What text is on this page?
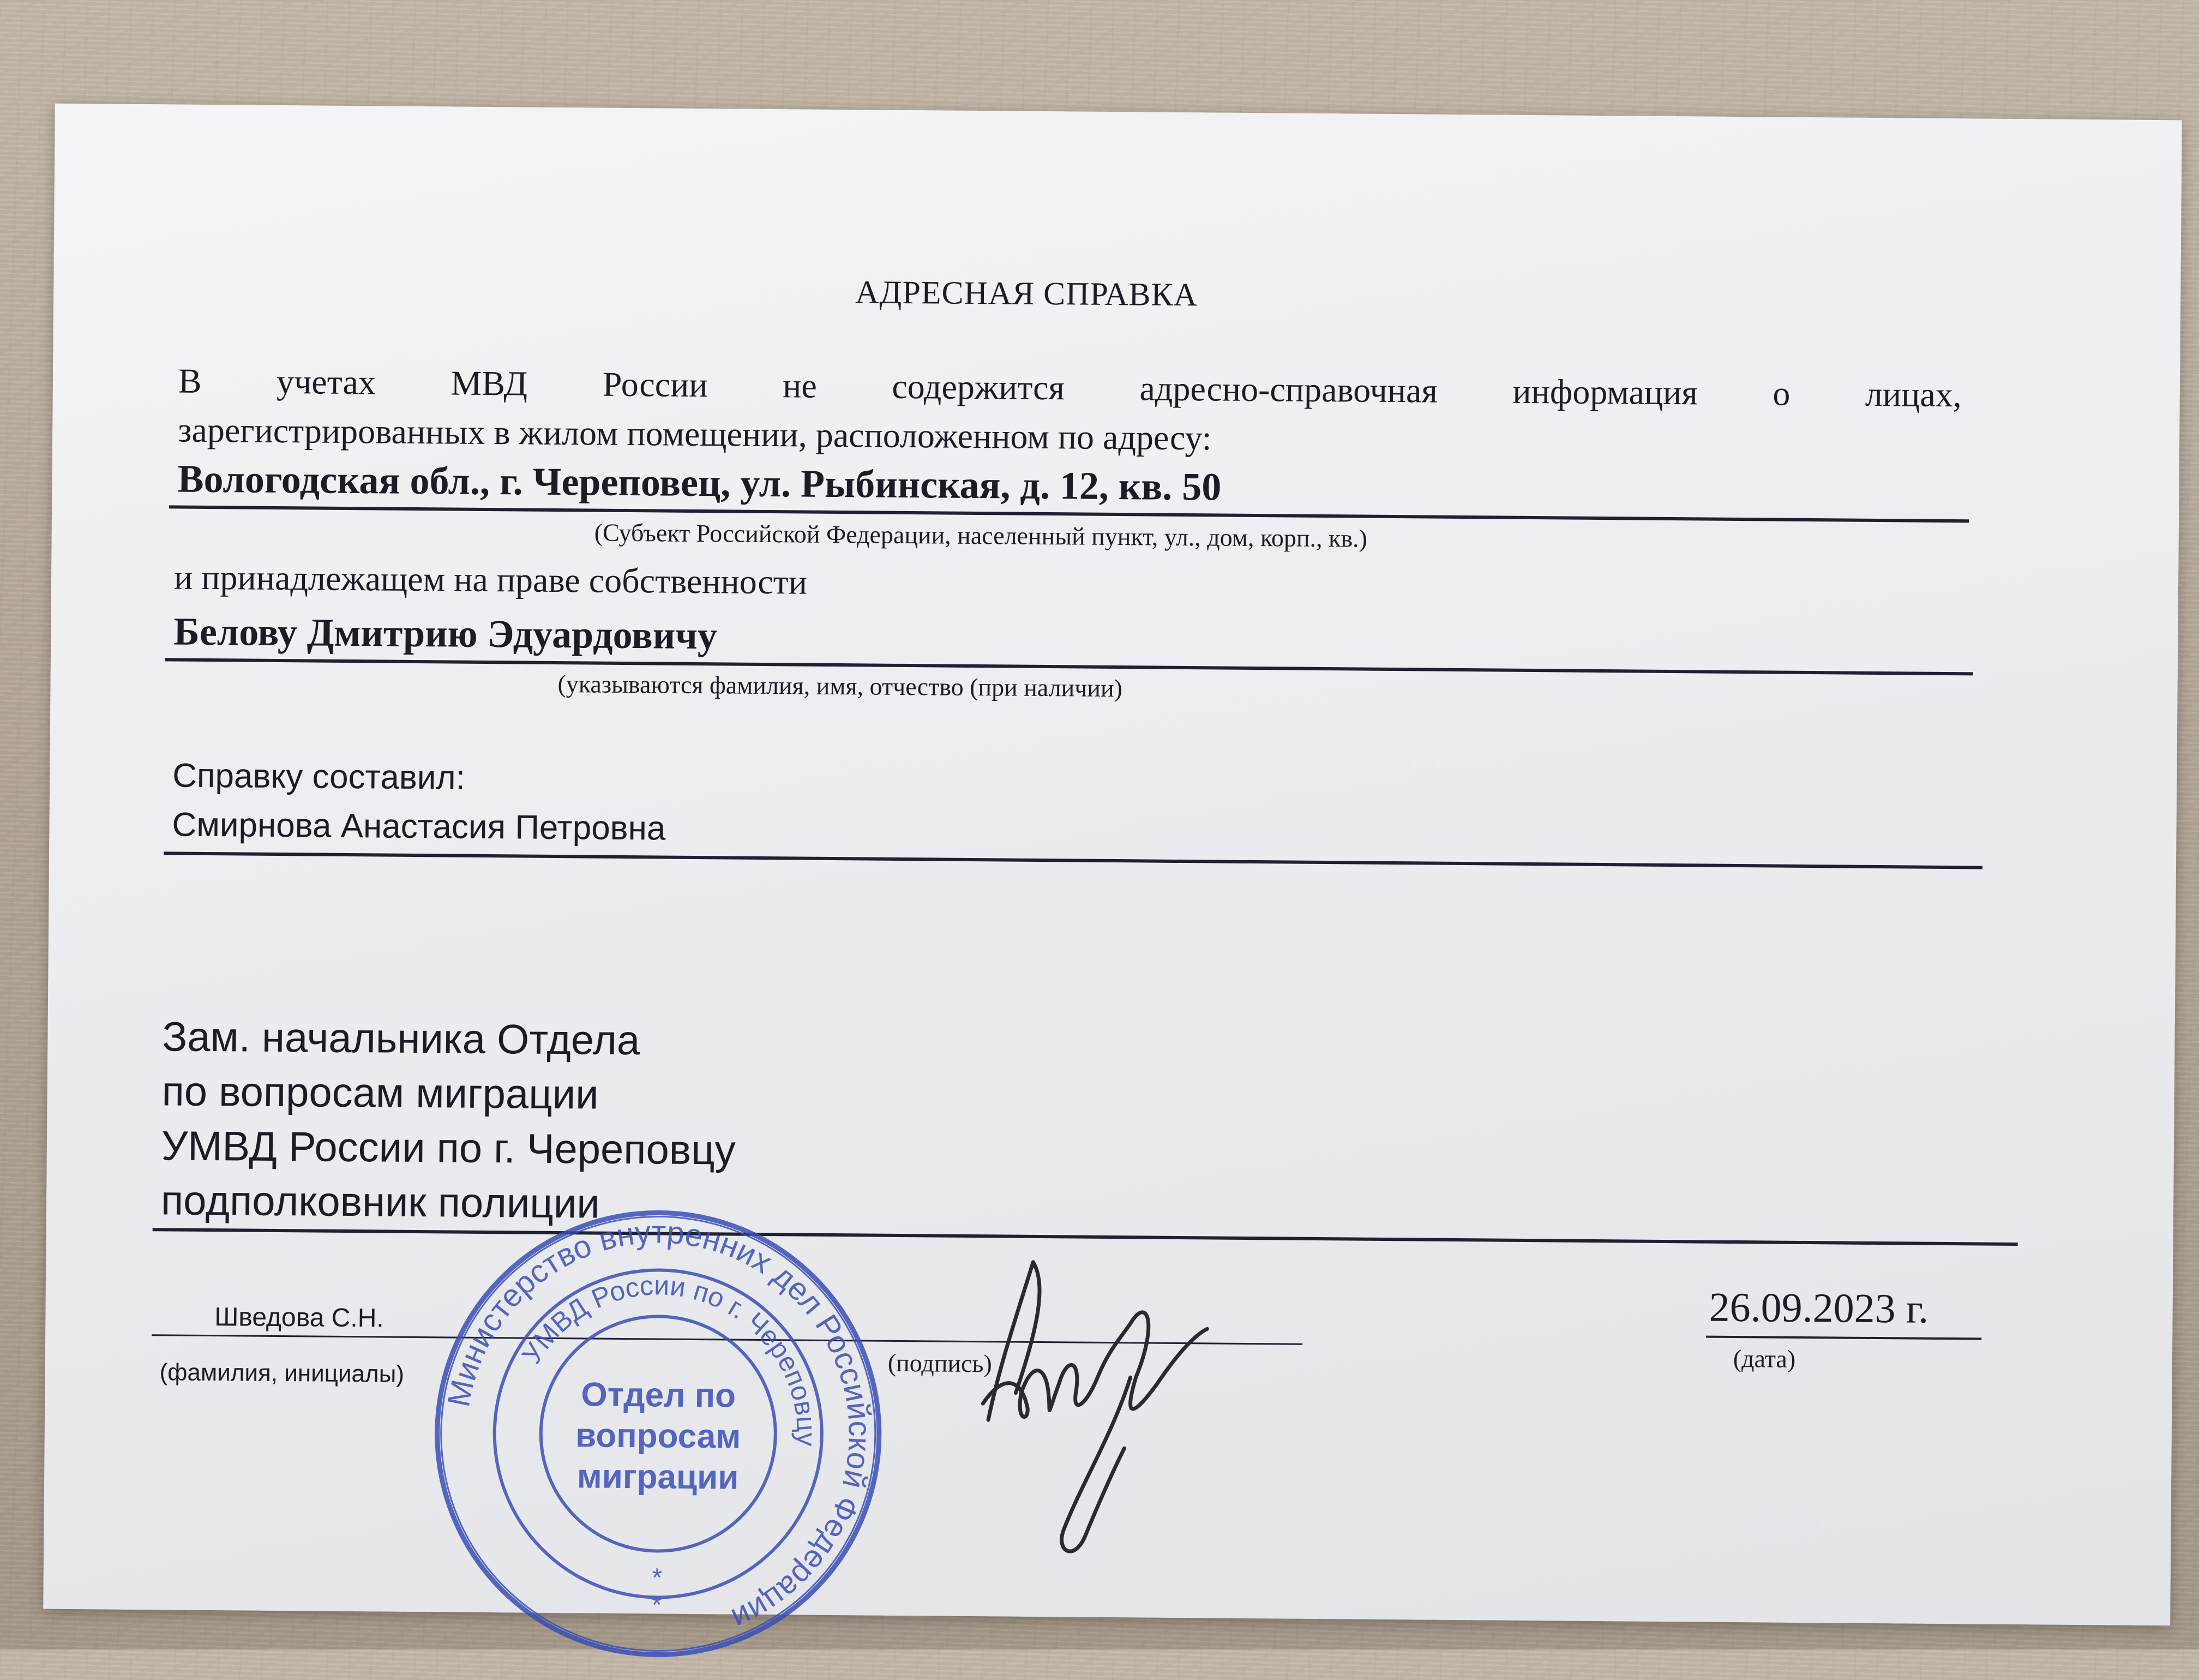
АДРЕСНАЯ СПРАВКА
В учетах МВД России не содержится адресно-справочная информация о лицах,
зарегистрированных в жилом помещении, расположенном по адресу:
Вологодская обл., г. Череповец, ул. Рыбинская, д. 12, кв. 50
(Субъект Российской Федерации, населенный пункт, ул., дом, корп., кв.)
и принадлежащем на праве собственности
Белову Дмитрию Эдуардовичу
(указываются фамилия, имя, отчество (при наличии)
Справку составил:
Смирнова Анастасия Петровна
Зам. начальника Отдела
по вопросам миграции
УМВД России по г. Череповцу
подполковник полиции
Шведова С.Н.
(фамилия, инициалы)	(подпись)
26.09.2023 г.
(дата)
Министерство внутренних дел Российской Федерации
УМВД России по г. Череповцу
Отдел по
вопросам
миграции
*
*
